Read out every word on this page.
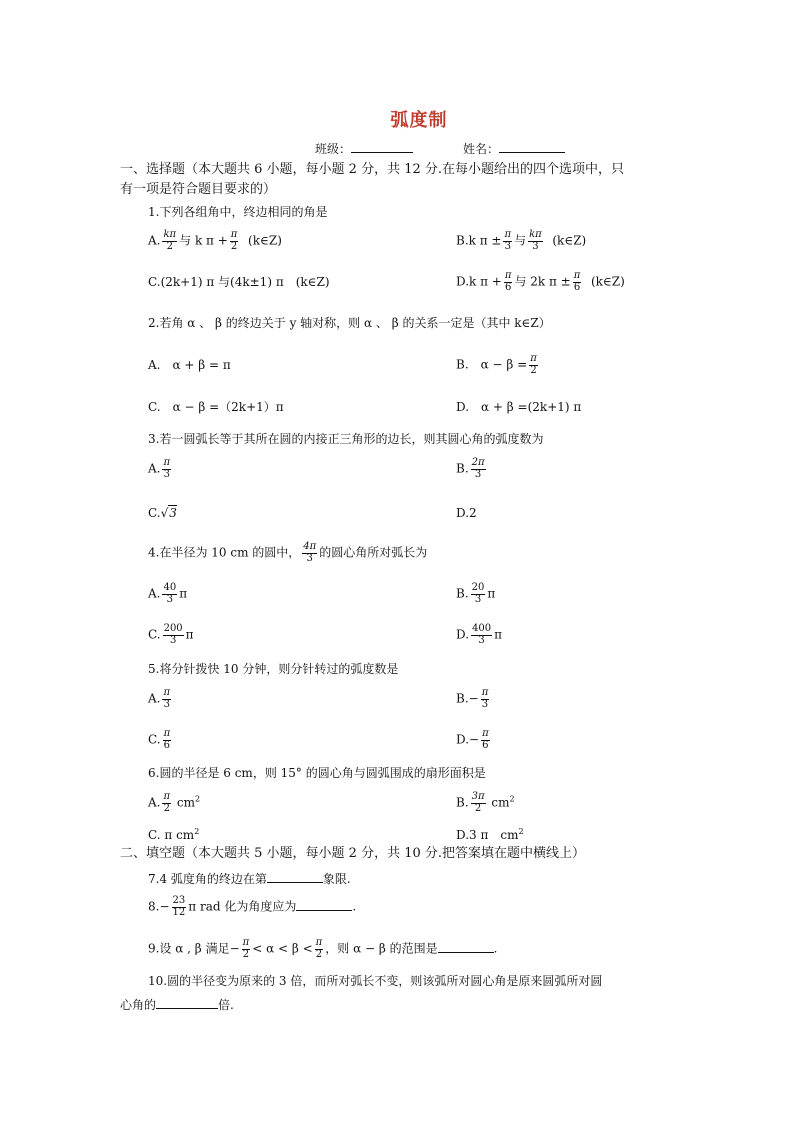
弧度制
班级：	姓名：
一、选择题（本大题共 6 小题，每小题 2 分，共 12 分.在每小题给出的四个选项中，只
有一项是符合题目要求的）
1.下列各组角中，终边相同的角是
A. $\frac{k\pi}{2}$ 与 k $\pi + \frac{\pi}{2}$ (k∈Z)	B.k $\pi \pm \frac{\pi}{3}$ 与 $\frac{k\pi}{3}$ (k∈Z)
C.(2k+1) π 与(4k±1) π　(k∈Z)	D.k $\pi + \frac{\pi}{6}$ 与 2k $\pi \pm \frac{\pi}{6}$ (k∈Z)
2.若角 α 、 β 的终边关于 y 轴对称，则 α 、 β 的关系一定是（其中 k∈Z）
A.　α + β = π	B.　$\alpha - \beta = \frac{\pi}{2}$
C.　α − β =（2k+1）π	D.　α + β =(2k+1) π
3.若一圆弧长等于其所在圆的内接正三角形的边长，则其圆心角的弧度数为
A. $\frac{\pi}{3}$	B. $\frac{2\pi}{3}$
C.√3	D.2
4.在半径为 10 cm 的圆中， $\frac{4\pi}{3}$ 的圆心角所对弧长为
A. $\frac{40}{3}$ π	B. $\frac{20}{3}$ π
C. $\frac{200}{3}$ π	D. $\frac{400}{3}$ π
5.将分针拨快 10 分钟，则分针转过的弧度数是
A. $\frac{\pi}{3}$	$B.- \frac{\pi}{3}$
C. $\frac{\pi}{6}$	$D.- \frac{\pi}{6}$
6.圆的半径是 6 cm，则 15° 的圆心角与圆弧围成的扇形面积是
A. $\frac{\pi}{2} cm^2$	B. $\frac{3\pi}{2} cm^2$
C. π $cm^2$	D.3 π　$cm^2$
二、填空题（本大题共 5 小题，每小题 2 分，共 10 分.把答案填在题中横线上）
7.4 弧度角的终边在第	象限.
$8.- \frac{23}{12}$ π rad 化为角度应为	.
9.设 α , β 满足− $\frac{\pi}{2} < \alpha < \beta < \frac{\pi}{2}$ ，则 α − β 的范围是	.
10.圆的半径变为原来的 3 倍，而所对弧长不变，则该弧所对圆心角是原来圆弧所对圆
心角的	倍.
